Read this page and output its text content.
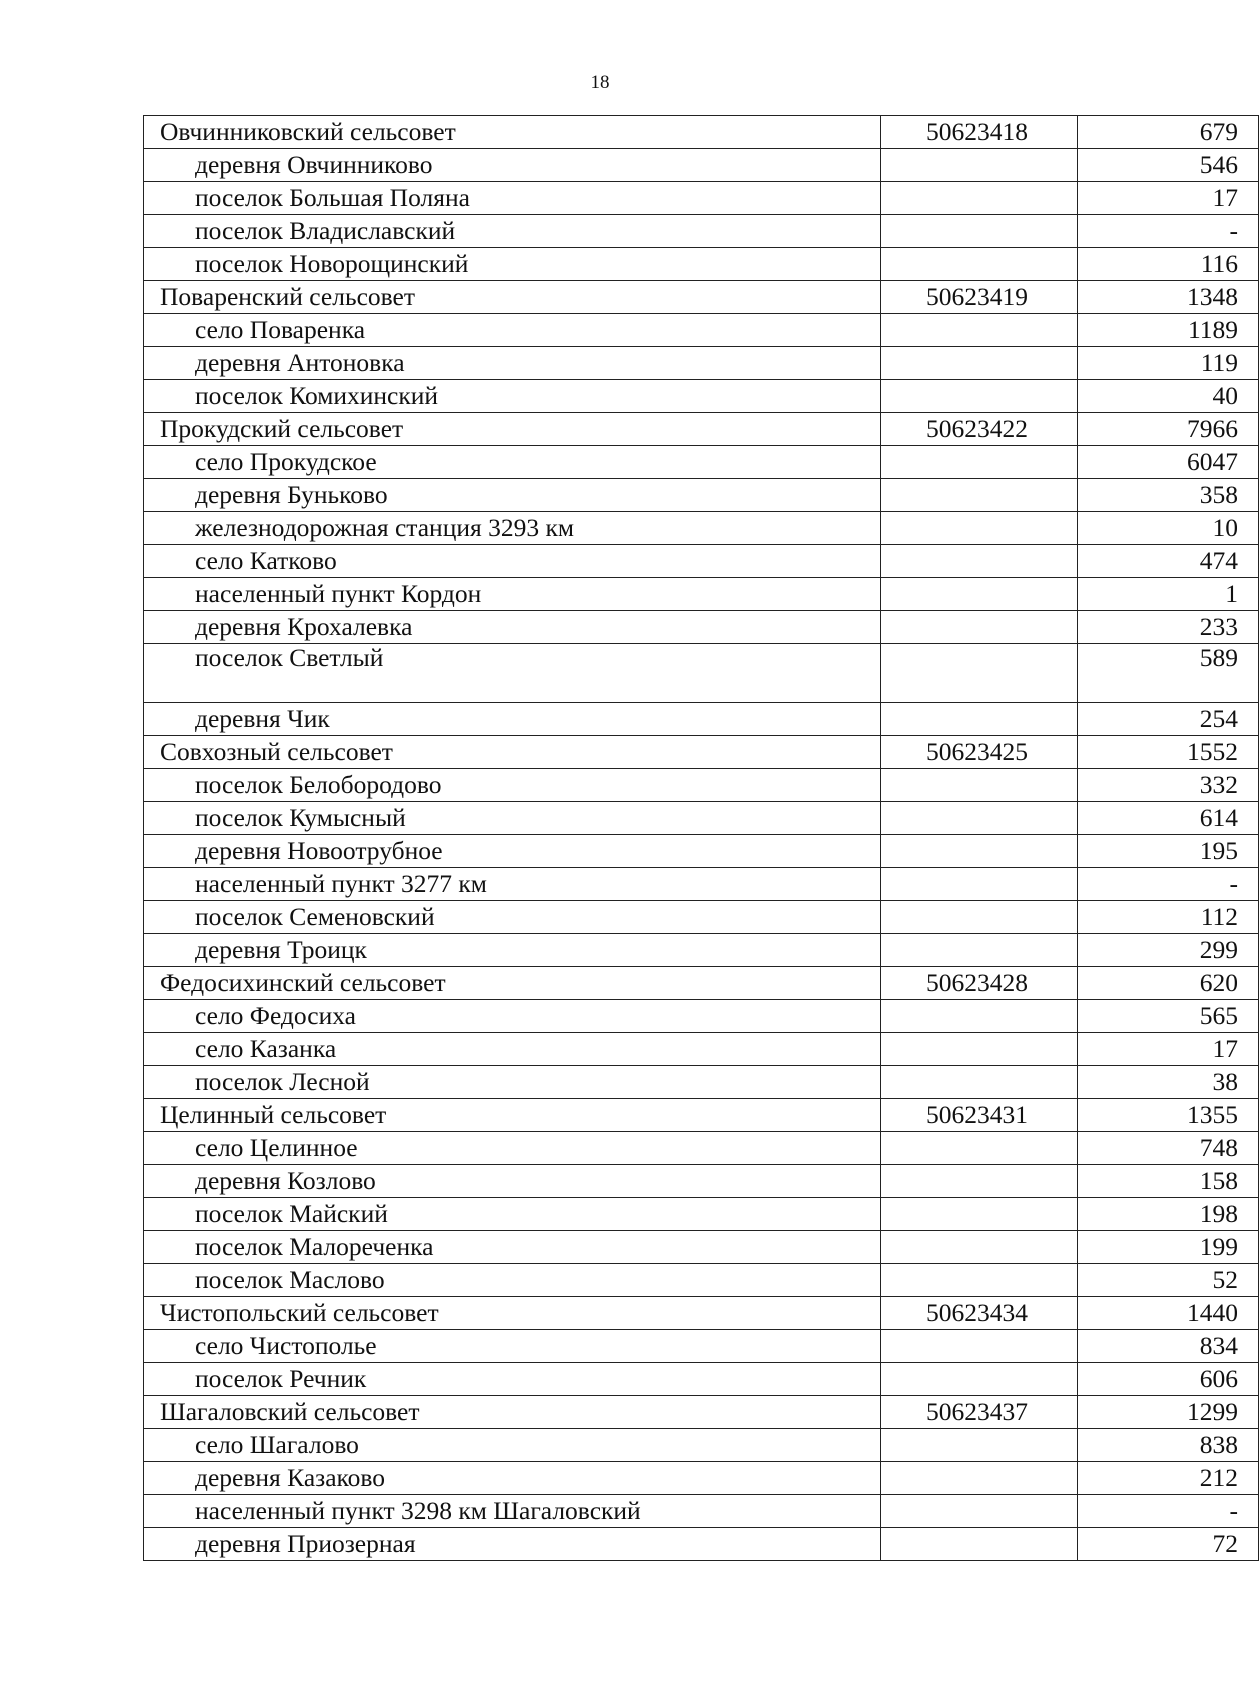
18
Овчинниковский сельсовет	50623418	679
деревня Овчинниково		546
поселок Большая Поляна		17
поселок Владиславский		-
поселок Новорощинский		116
Поваренский сельсовет	50623419	1348
село Поваренка		1189
деревня Антоновка		119
поселок Комихинский		40
Прокудский сельсовет	50623422	7966
село Прокудское		6047
деревня Буньково		358
железнодорожная станция 3293 км		10
село Катково		474
населенный пункт Кордон		1
деревня Крохалевка		233
поселок Светлый		589
деревня Чик		254
Совхозный сельсовет	50623425	1552
поселок Белобородово		332
поселок Кумысный		614
деревня Новоотрубное		195
населенный пункт 3277 км		-
поселок Семеновский		112
деревня Троицк		299
Федосихинский сельсовет	50623428	620
село Федосиха		565
село Казанка		17
поселок Лесной		38
Целинный сельсовет	50623431	1355
село Целинное		748
деревня Козлово		158
поселок Майский		198
поселок Малореченка		199
поселок Маслово		52
Чистопольский сельсовет	50623434	1440
село Чистополье		834
поселок Речник		606
Шагаловский сельсовет	50623437	1299
село Шагалово		838
деревня Казаково		212
населенный пункт 3298 км Шагаловский		-
деревня Приозерная		72
